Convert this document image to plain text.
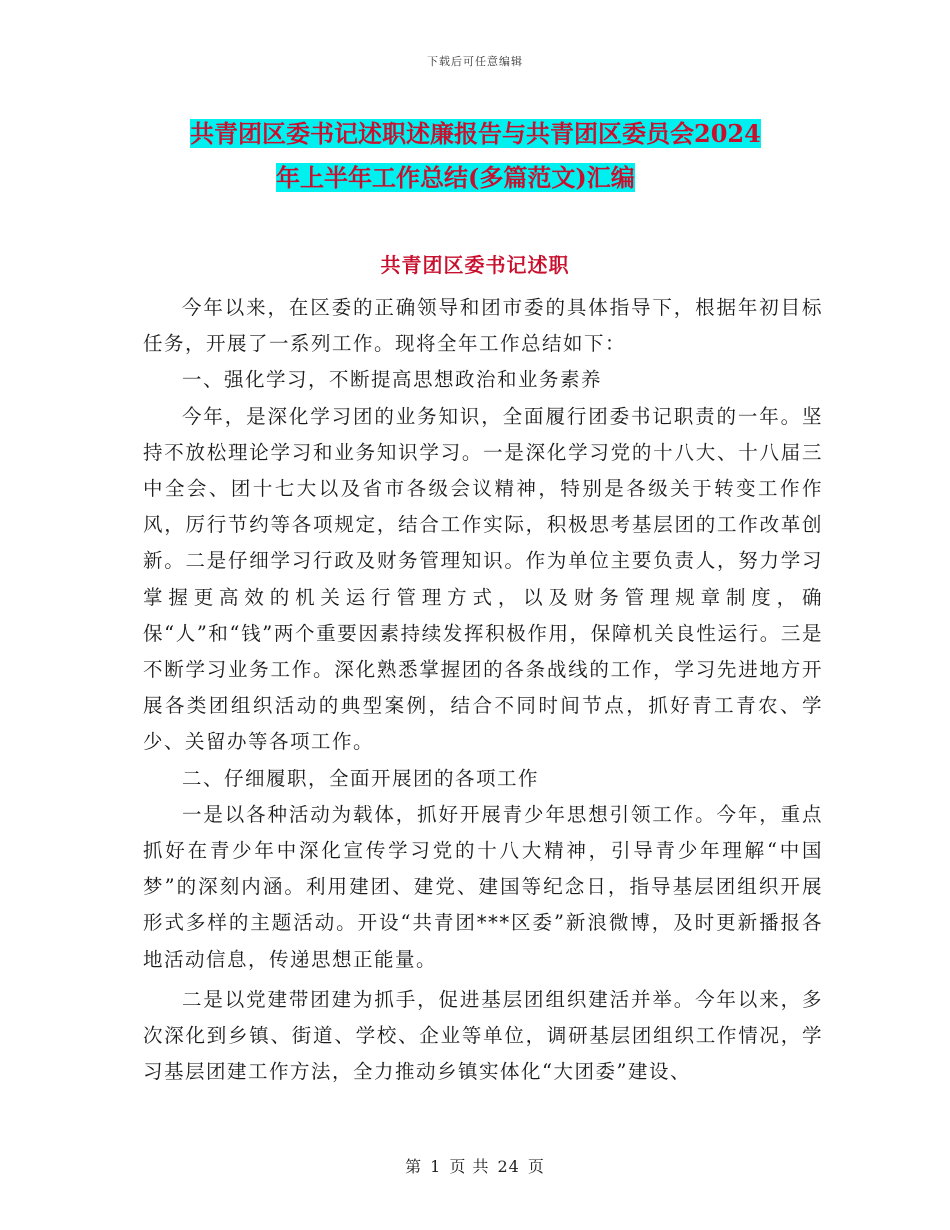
下载后可任意编辑
共青团区委书记述职述廉报告与共青团区委员会2024
年上半年工作总结(多篇范文)汇编
共青团区委书记述职

今年以来，在区委的正确领导和团市委的具体指导下，根据年初目标任务，开展了一系列工作。现将全年工作总结如下：

一、强化学习，不断提高思想政治和业务素养

今年，是深化学习团的业务知识，全面履行团委书记职责的一年。坚持不放松理论学习和业务知识学习。一是深化学习党的十八大、十八届三中全会、团十七大以及省市各级会议精神，特别是各级关于转变工作作风，厉行节约等各项规定，结合工作实际，积极思考基层团的工作改革创新。二是仔细学习行政及财务管理知识。作为单位主要负责人，努力学习掌握更高效的机关运行管理方式，以及财务管理规章制度，确保“人”和“钱”两个重要因素持续发挥积极作用，保障机关良性运行。三是不断学习业务工作。深化熟悉掌握团的各条战线的工作，学习先进地方开展各类团组织活动的典型案例，结合不同时间节点，抓好青工青农、学少、关留办等各项工作。

二、仔细履职，全面开展团的各项工作

一是以各种活动为载体，抓好开展青少年思想引领工作。今年，重点抓好在青少年中深化宣传学习党的十八大精神，引导青少年理解“中国梦”的深刻内涵。利用建团、建党、建国等纪念日，指导基层团组织开展形式多样的主题活动。开设“共青团***区委”新浪微博，及时更新播报各地活动信息，传递思想正能量。

二是以党建带团建为抓手，促进基层团组织建活并举。今年以来，多次深化到乡镇、街道、学校、企业等单位，调研基层团组织工作情况，学习基层团建工作方法，全力推动乡镇实体化“大团委”建设、

第 1 页 共 24 页
